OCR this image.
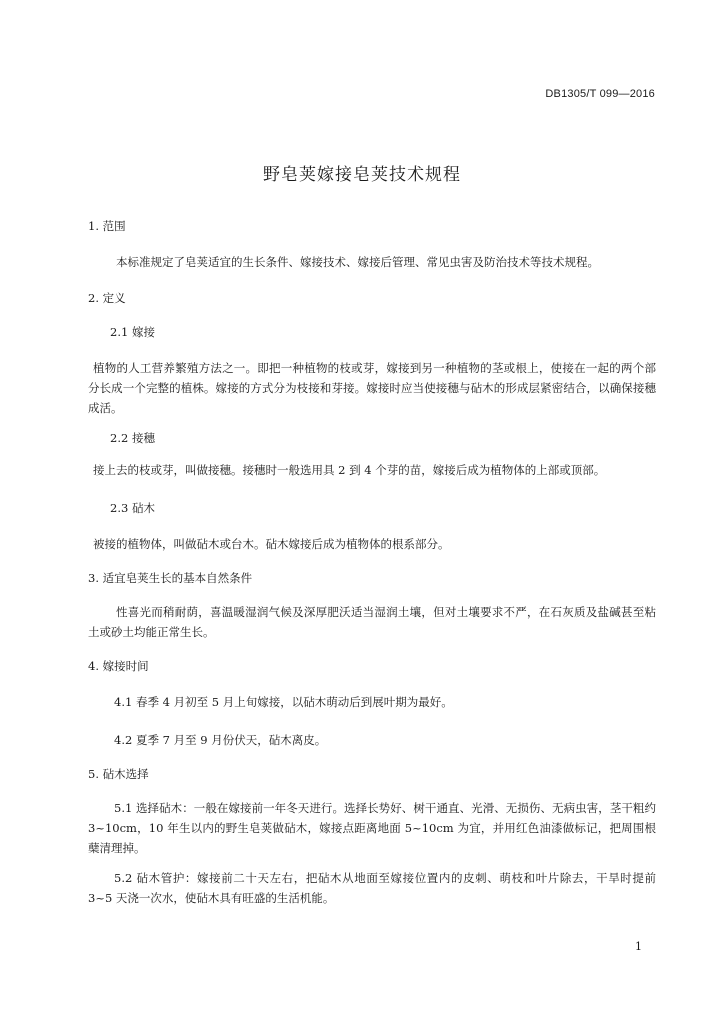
DB1305/T 099—2016
野皂荚嫁接皂荚技术规程
1. 范围
本标准规定了皂荚适宜的生长条件、嫁接技术、嫁接后管理、常见虫害及防治技术等技术规程。
2. 定义
2.1 嫁接
植物的人工营养繁殖方法之一。即把一种植物的枝或芽，嫁接到另一种植物的茎或根上，使接在一起的两个部分长成一个完整的植株。嫁接的方式分为枝接和芽接。嫁接时应当使接穗与砧木的形成层紧密结合，以确保接穗成活。
2.2 接穗
接上去的枝或芽，叫做接穗。接穗时一般选用具 2 到 4 个芽的苗，嫁接后成为植物体的上部或顶部。
2.3 砧木
被接的植物体，叫做砧木或台木。砧木嫁接后成为植物体的根系部分。
3. 适宜皂荚生长的基本自然条件
性喜光而稍耐荫，喜温暖湿润气候及深厚肥沃适当湿润土壤，但对土壤要求不严，在石灰质及盐碱甚至粘土或砂土均能正常生长。
4. 嫁接时间
4.1 春季 4 月初至 5 月上旬嫁接，以砧木萌动后到展叶期为最好。
4.2 夏季 7 月至 9 月份伏天，砧木离皮。
5. 砧木选择
5.1 选择砧木：一般在嫁接前一年冬天进行。选择长势好、树干通直、光滑、无损伤、无病虫害，茎干粗约 3~10cm，10 年生以内的野生皂荚做砧木，嫁接点距离地面 5~10cm 为宜，并用红色油漆做标记，把周围根蘖清理掉。
5.2 砧木管护：嫁接前二十天左右，把砧木从地面至嫁接位置内的皮刺、萌枝和叶片除去，干旱时提前 3~5 天浇一次水，使砧木具有旺盛的生活机能。
1
